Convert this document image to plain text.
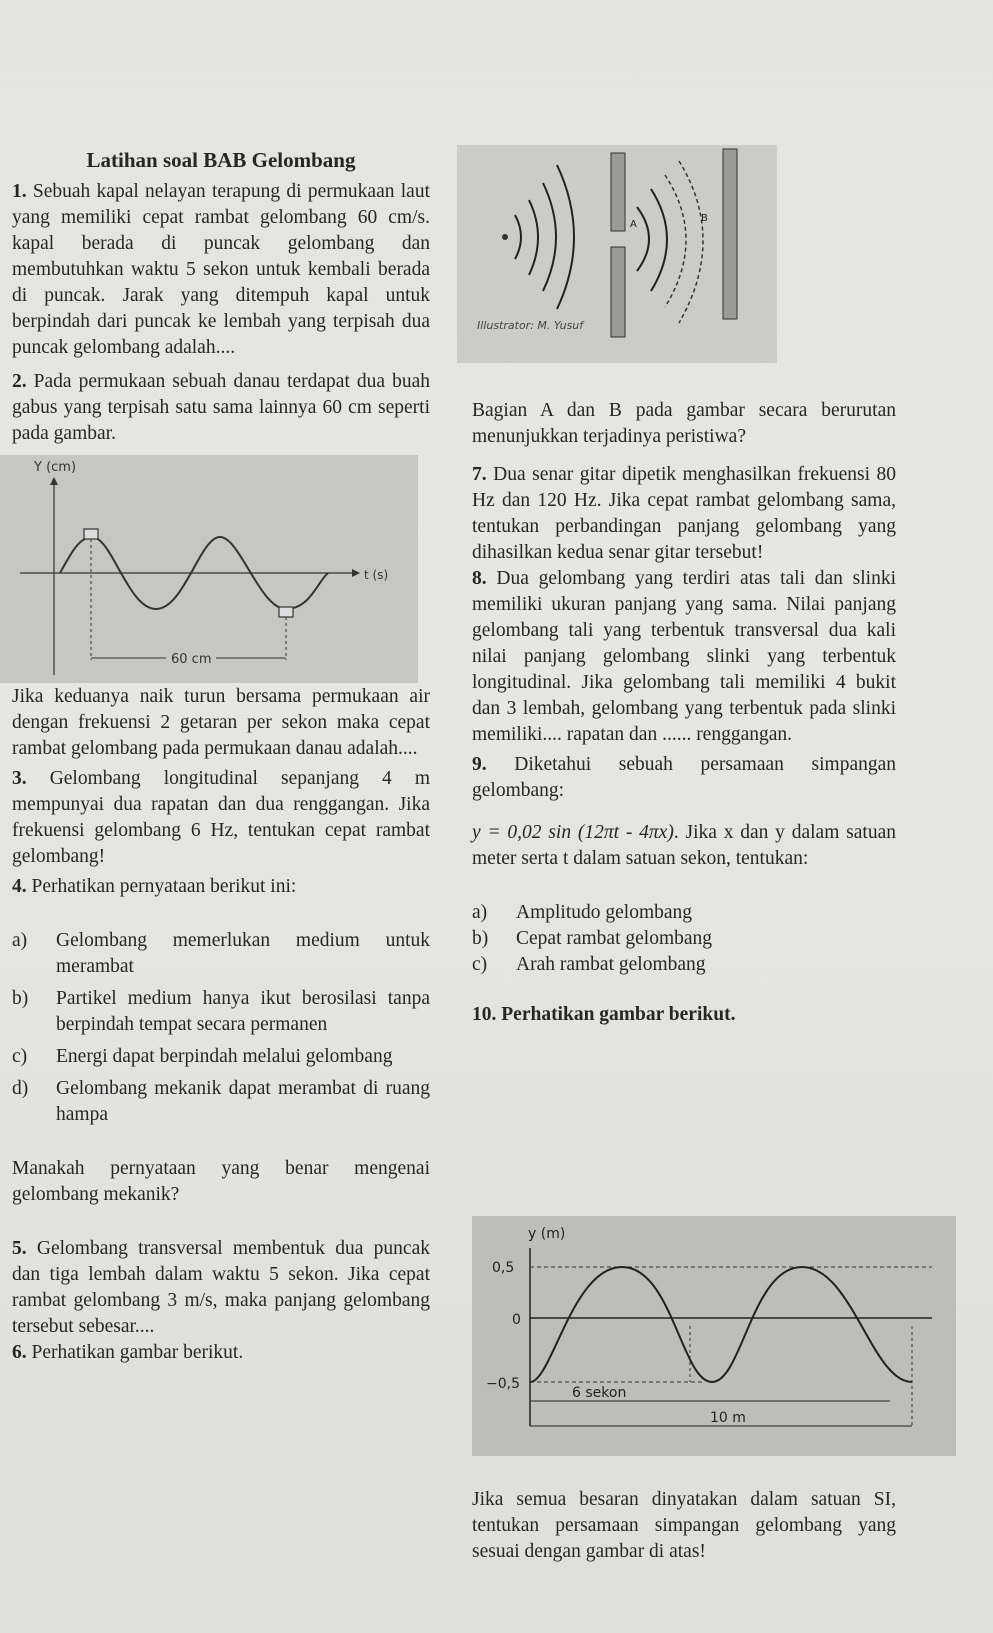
Latihan soal BAB Gelombang

1. Sebuah kapal nelayan terapung di permukaan laut yang memiliki cepat rambat gelombang 60 cm/s. kapal berada di puncak gelombang dan membutuhkan waktu 5 sekon untuk kembali berada di puncak. Jarak yang ditempuh kapal untuk berpindah dari puncak ke lembah yang terpisah dua puncak gelombang adalah....

2. Pada permukaan sebuah danau terdapat dua buah gabus yang terpisah satu sama lainnya 60 cm seperti pada gambar.

Y (cm)
t (s)
60 cm

Jika keduanya naik turun bersama permukaan air dengan frekuensi 2 getaran per sekon maka cepat rambat gelombang pada permukaan danau adalah....

3. Gelombang longitudinal sepanjang 4 m mempunyai dua rapatan dan dua renggangan. Jika frekuensi gelombang 6 Hz, tentukan cepat rambat gelombang!

4. Perhatikan pernyataan berikut ini:

a)	Gelombang memerlukan medium untuk merambat
b)	Partikel medium hanya ikut berosilasi tanpa berpindah tempat secara permanen
c)	Energi dapat berpindah melalui gelombang
d)	Gelombang mekanik dapat merambat di ruang hampa

Manakah pernyataan yang benar mengenai gelombang mekanik?

5. Gelombang transversal membentuk dua puncak dan tiga lembah dalam waktu 5 sekon. Jika cepat rambat gelombang 3 m/s, maka panjang gelombang tersebut sebesar....

6. Perhatikan gambar berikut.

A
B
Illustrator: M. Yusuf

Bagian A dan B pada gambar secara berurutan menunjukkan terjadinya peristiwa?

7. Dua senar gitar dipetik menghasilkan frekuensi 80 Hz dan 120 Hz. Jika cepat rambat gelombang sama, tentukan perbandingan panjang gelombang yang dihasilkan kedua senar gitar tersebut!

8. Dua gelombang yang terdiri atas tali dan slinki memiliki ukuran panjang yang sama. Nilai panjang gelombang tali yang terbentuk transversal dua kali nilai panjang gelombang slinki yang terbentuk longitudinal. Jika gelombang tali memiliki 4 bukit dan 3 lembah, gelombang yang terbentuk pada slinki memiliki.... rapatan dan ...... renggangan.

9. Diketahui sebuah persamaan simpangan gelombang:

y = 0,02 sin (12πt - 4πx). Jika x dan y dalam satuan meter serta t dalam satuan sekon, tentukan:

a)	Amplitudo gelombang
b)	Cepat rambat gelombang
c)	Arah rambat gelombang

10. Perhatikan gambar berikut.

y (m)
0,5
0
−0,5
6 sekon
10 m

Jika semua besaran dinyatakan dalam satuan SI, tentukan persamaan simpangan gelombang yang sesuai dengan gambar di atas!
